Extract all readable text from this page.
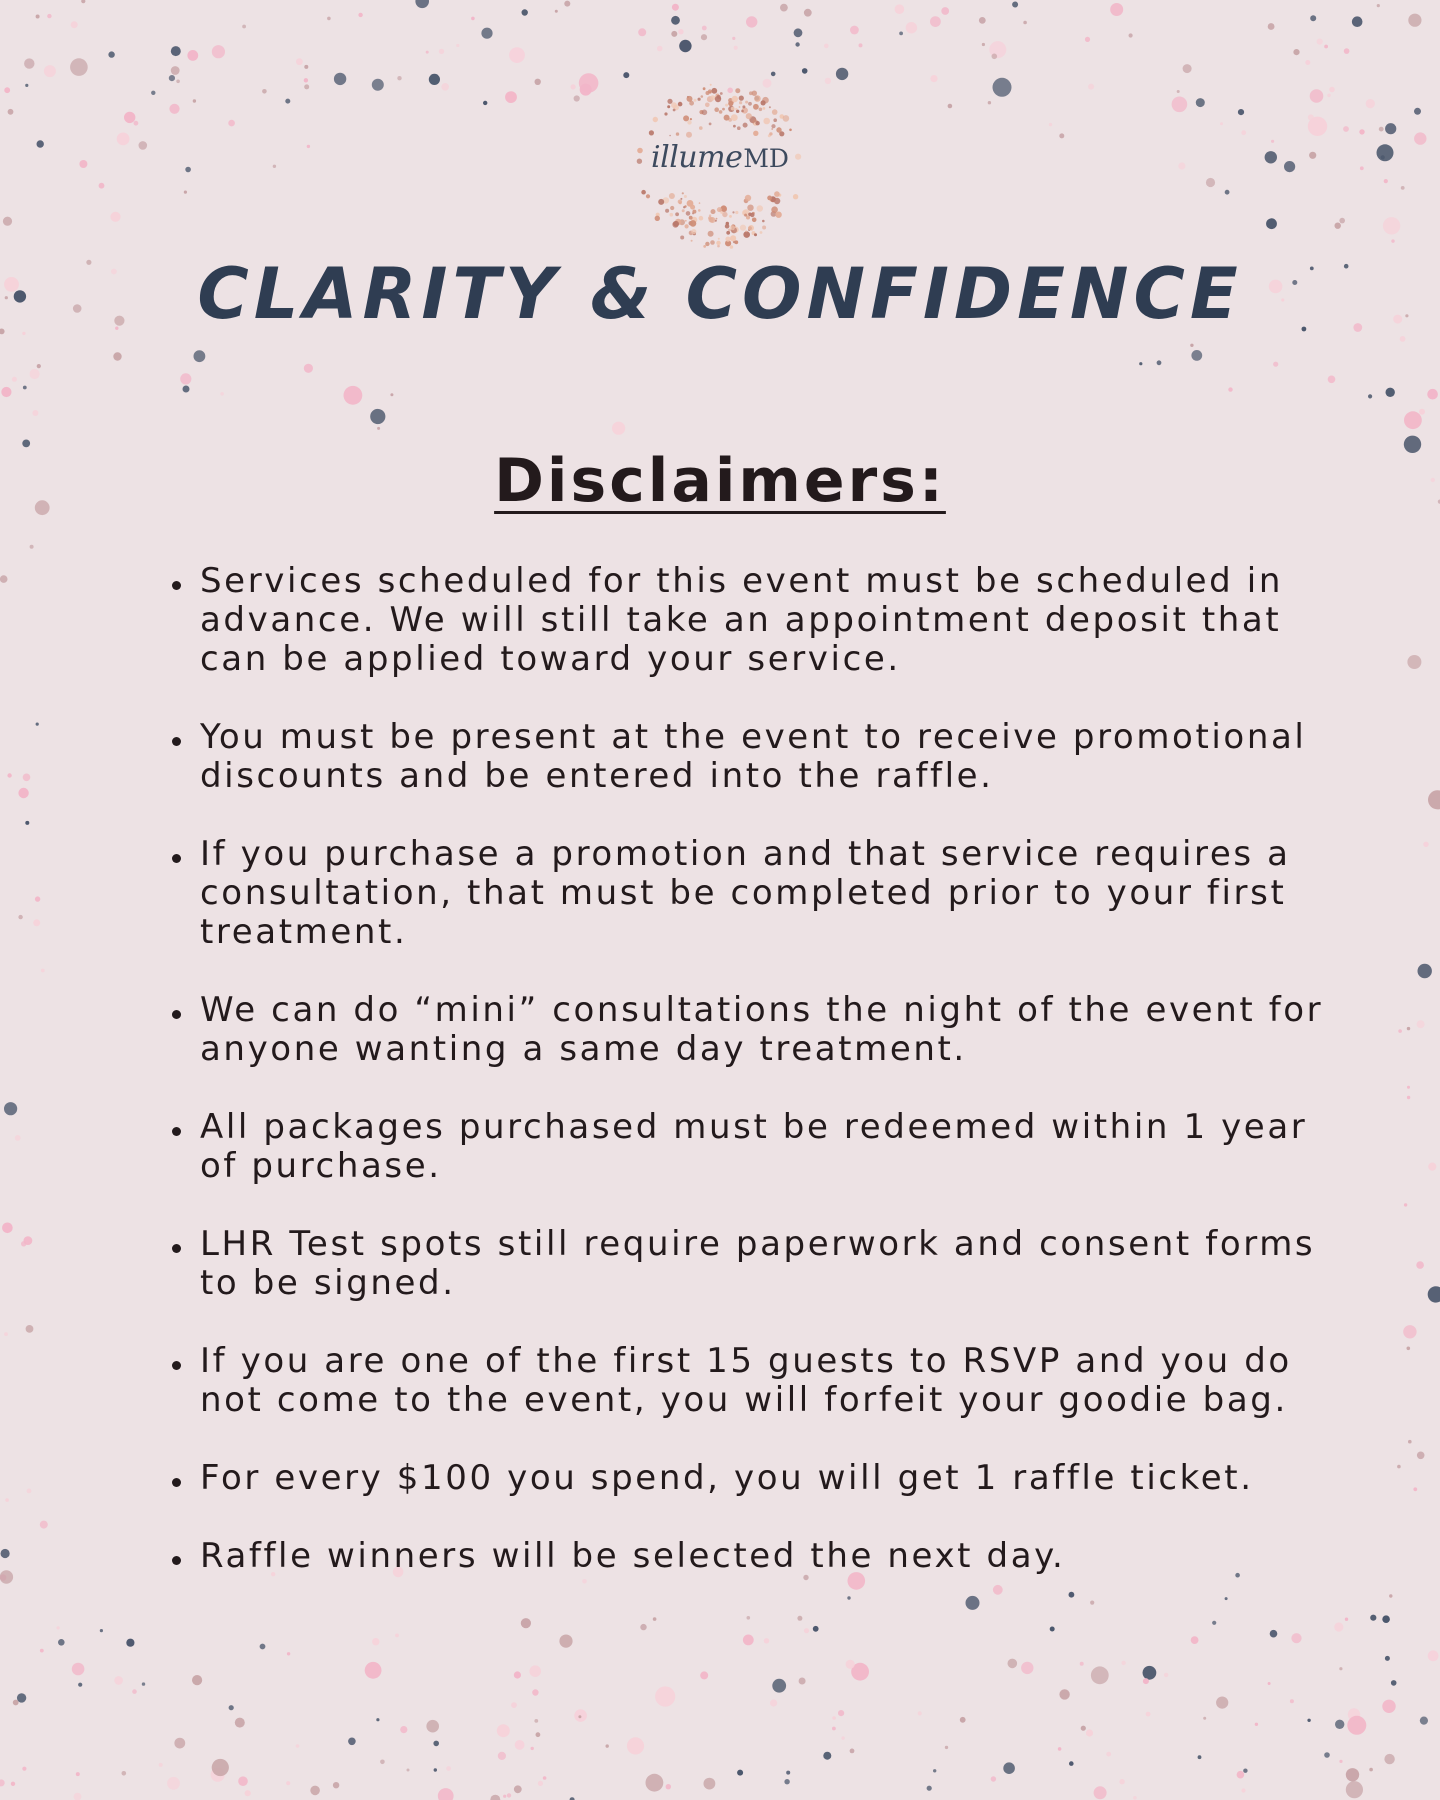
illumeMD
CLARITY & CONFIDENCE
Disclaimers:
Services scheduled for this event must be scheduled in advance. We will still take an appointment deposit that can be applied toward your service.
You must be present at the event to receive promotional discounts and be entered into the raffle.
If you purchase a promotion and that service requires a consultation, that must be completed prior to your first treatment.
We can do “mini” consultations the night of the event for anyone wanting a same day treatment.
All packages purchased must be redeemed within 1 year of purchase.
LHR Test spots still require paperwork and consent forms to be signed.
If you are one of the first 15 guests to RSVP and you do not come to the event, you will forfeit your goodie bag.
For every $100 you spend, you will get 1 raffle ticket.
Raffle winners will be selected the next day.
